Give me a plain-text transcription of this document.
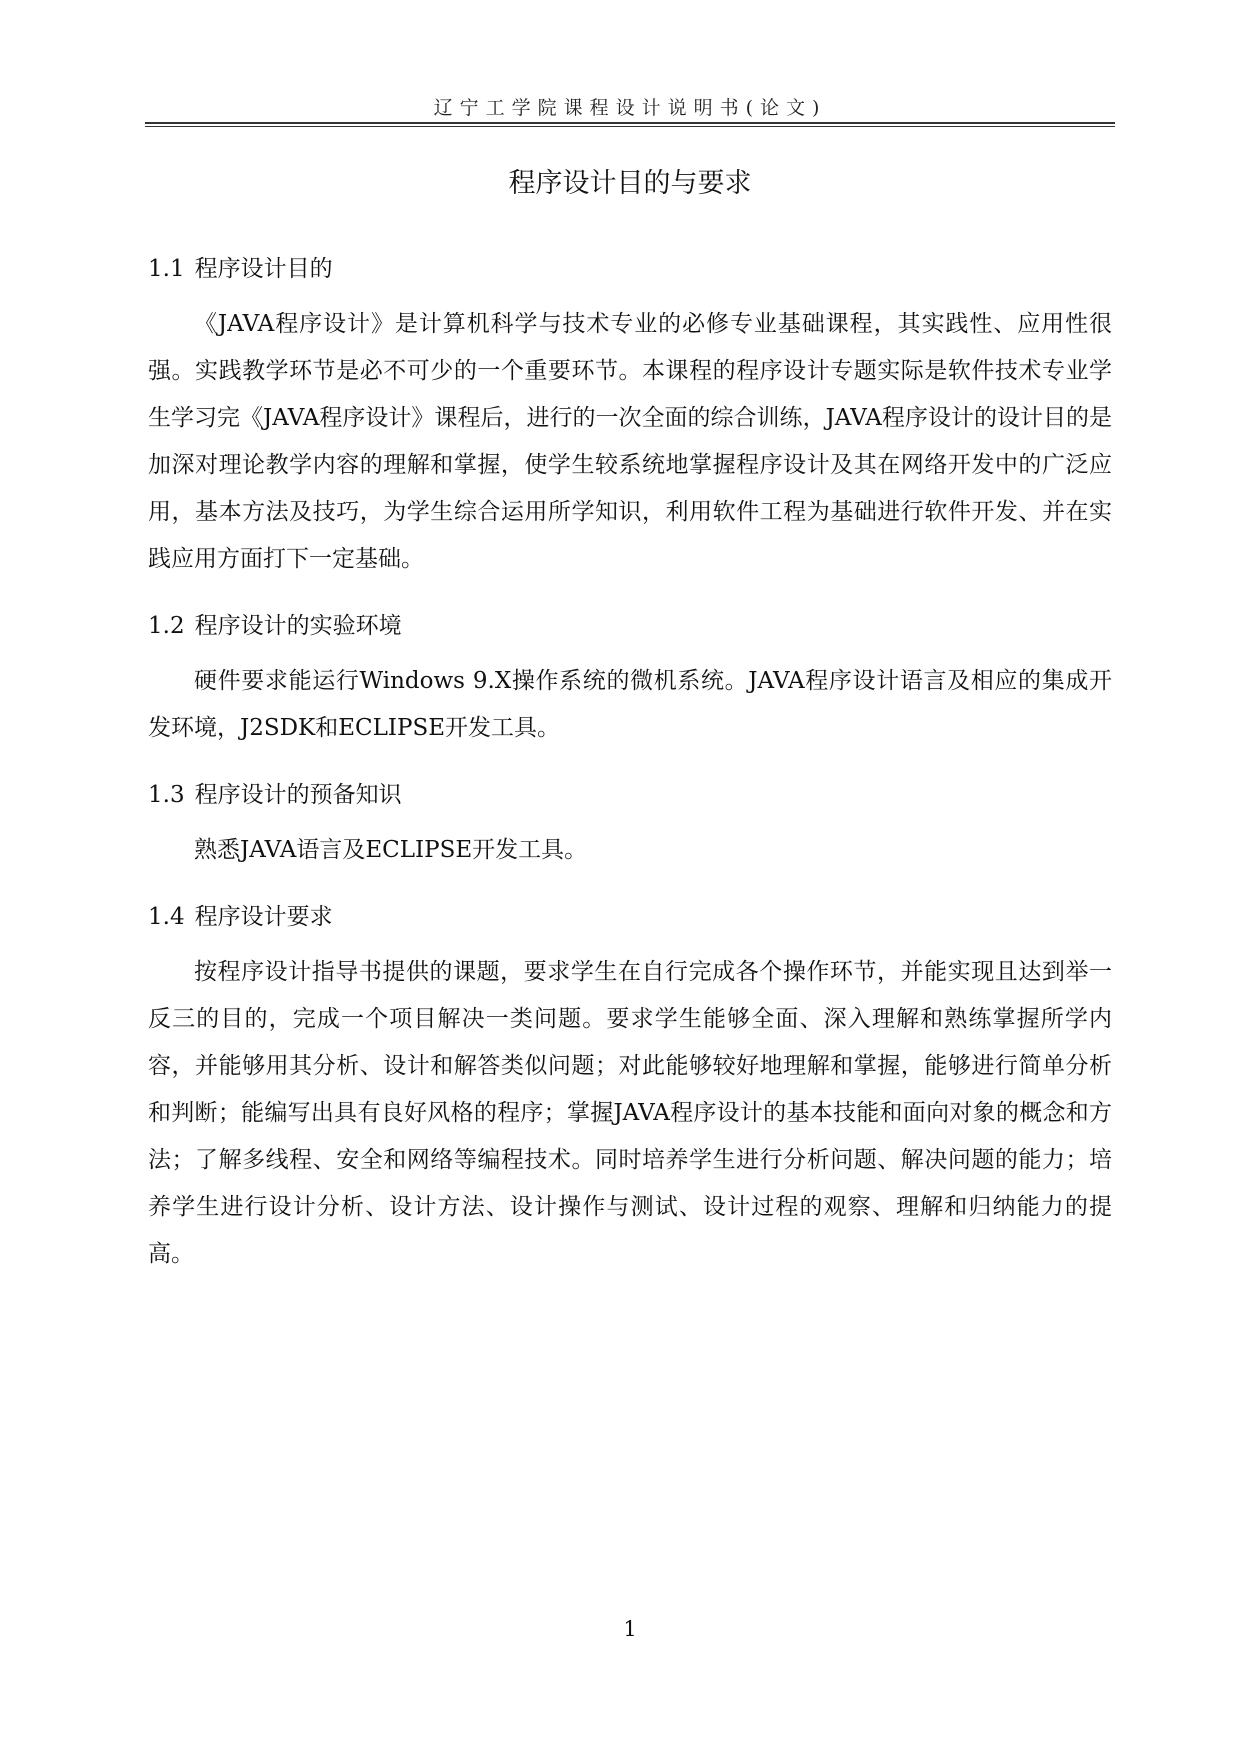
辽宁工学院课程设计说明书(论文)
程序设计目的与要求
1.1 程序设计目的

《JAVA程序设计》是计算机科学与技术专业的必修专业基础课程，其实践性、应用性很强。实践教学环节是必不可少的一个重要环节。本课程的程序设计专题实际是软件技术专业学生学习完《JAVA程序设计》课程后，进行的一次全面的综合训练，JAVA程序设计的设计目的是加深对理论教学内容的理解和掌握，使学生较系统地掌握程序设计及其在网络开发中的广泛应用，基本方法及技巧，为学生综合运用所学知识，利用软件工程为基础进行软件开发、并在实践应用方面打下一定基础。

1.2 程序设计的实验环境

硬件要求能运行Windows 9.X操作系统的微机系统。JAVA程序设计语言及相应的集成开发环境，J2SDK和ECLIPSE开发工具。

1.3 程序设计的预备知识

熟悉JAVA语言及ECLIPSE开发工具。

1.4 程序设计要求

按程序设计指导书提供的课题，要求学生在自行完成各个操作环节，并能实现且达到举一反三的目的，完成一个项目解决一类问题。要求学生能够全面、深入理解和熟练掌握所学内容，并能够用其分析、设计和解答类似问题；对此能够较好地理解和掌握，能够进行简单分析和判断；能编写出具有良好风格的程序；掌握JAVA程序设计的基本技能和面向对象的概念和方法；了解多线程、安全和网络等编程技术。同时培养学生进行分析问题、解决问题的能力；培养学生进行设计分析、设计方法、设计操作与测试、设计过程的观察、理解和归纳能力的提高。

1
